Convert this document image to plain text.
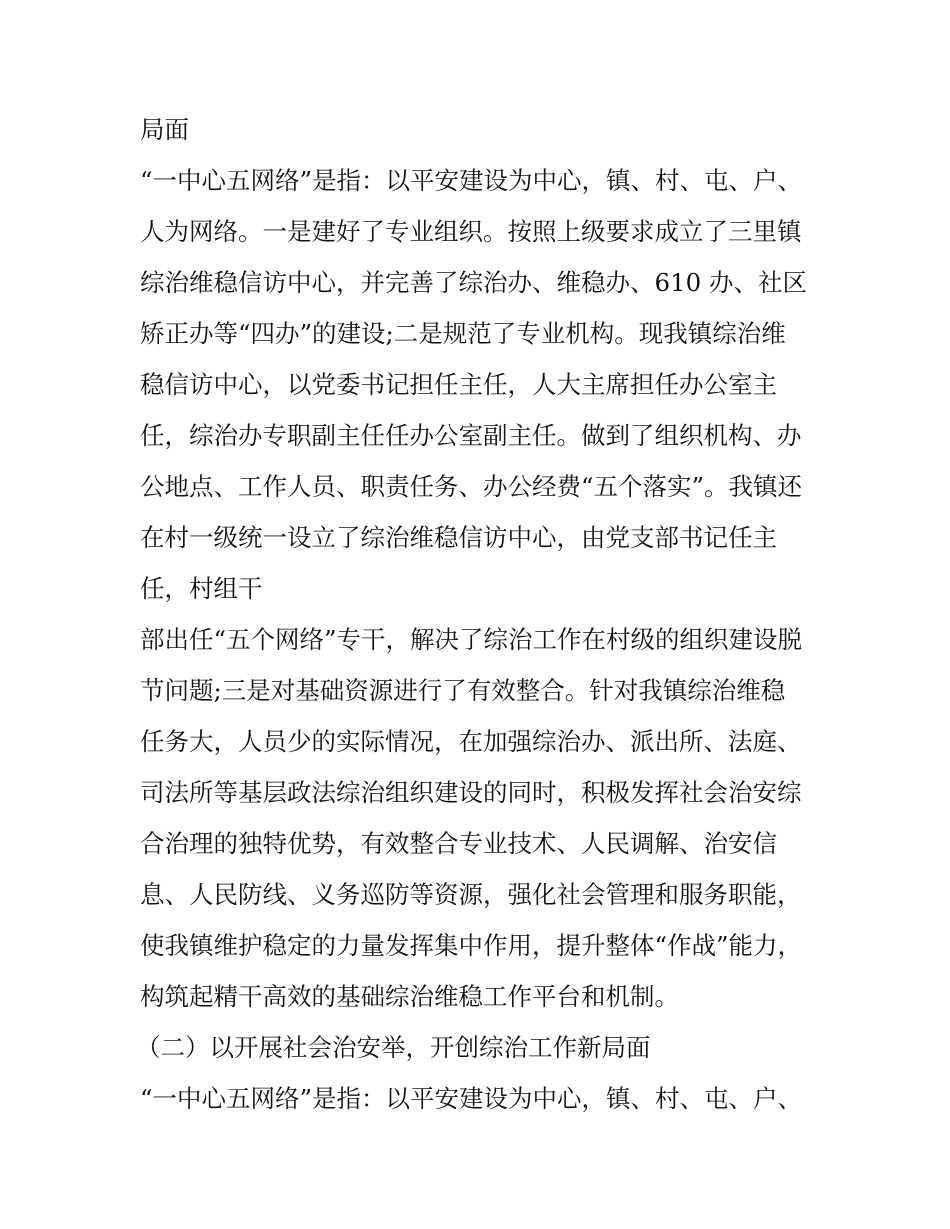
局面
“一中心五网络”是指：以平安建设为中心，镇、村、屯、户、
人为网络。一是建好了专业组织。按照上级要求成立了三里镇
综治维稳信访中心，并完善了综治办、维稳办、610 办、社区
矫正办等“四办”的建设;二是规范了专业机构。现我镇综治维
稳信访中心，以党委书记担任主任，人大主席担任办公室主
任，综治办专职副主任任办公室副主任。做到了组织机构、办
公地点、工作人员、职责任务、办公经费“五个落实”。我镇还
在村一级统一设立了综治维稳信访中心，由党支部书记任主
任，村组干
部出任“五个网络”专干，解决了综治工作在村级的组织建设脱
节问题;三是对基础资源进行了有效整合。针对我镇综治维稳
任务大，人员少的实际情况，在加强综治办、派出所、法庭、
司法所等基层政法综治组织建设的同时，积极发挥社会治安综
合治理的独特优势，有效整合专业技术、人民调解、治安信
息、人民防线、义务巡防等资源，强化社会管理和服务职能，
使我镇维护稳定的力量发挥集中作用，提升整体“作战”能力，
构筑起精干高效的基础综治维稳工作平台和机制。
（二）以开展社会治安举，开创综治工作新局面
“一中心五网络”是指：以平安建设为中心，镇、村、屯、户、
